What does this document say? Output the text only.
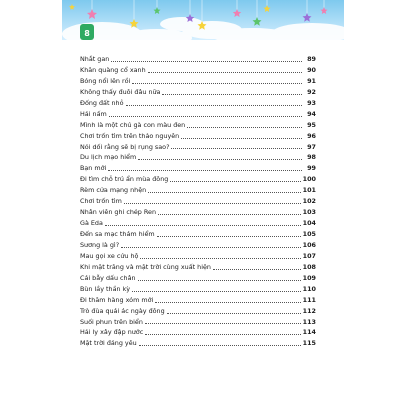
8
Nhắt gan	89
Khăn quàng cổ xanh	90
Bóng nổi lên rồi	91
Không thấy đuôi đâu nữa	92
Đống đất nhỏ	93
Hái nấm	94
Mình là một chú gà con màu đen	95
Chơi trốn tìm trên thảo nguyên	96
Nói dối rằng sẽ bị rụng sao?	97
Du lịch mạo hiểm	98
Bạn mới	99
Đi tìm chỗ trú ẩn mùa đông	100
Rèm cửa mạng nhện	101
Chơi trốn tìm	102
Nhân viên ghi chép Ren	103
Gà Eda	104
Đến sa mạc thám hiểm	105
Sương là gì?	106
Mau gọi xe cứu hộ	107
Khi mặt trăng và mặt trời cùng xuất hiện	108
Cái bẫy dấu chân	109
Bùn lầy thần kỳ	110
Đi thăm hàng xóm mới	111
Trò đùa quái ác ngày đông	112
Suối phun trên biển	113
Hải ly xây đập nước	114
Mặt trời đáng yêu	115
